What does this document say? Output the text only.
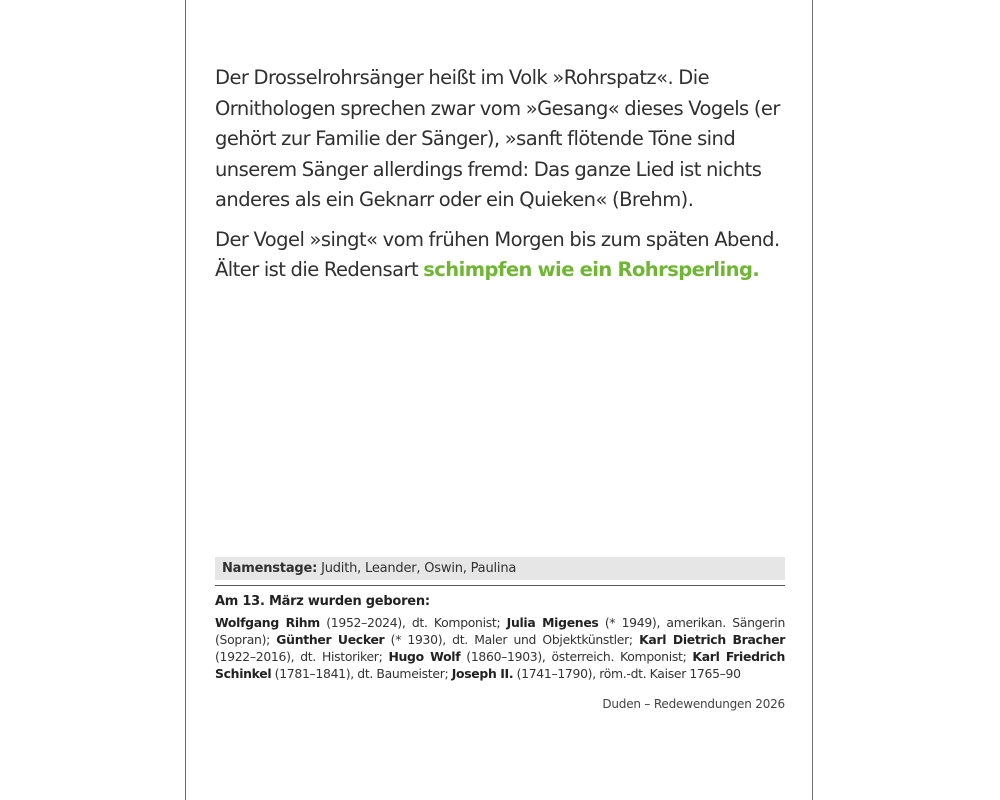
Der Drosselrohrsänger heißt im Volk »Rohrspatz«. Die Ornithologen sprechen zwar vom »Gesang« dieses Vogels (er gehört zur Familie der Sänger), »sanft flötende Töne sind unserem Sänger allerdings fremd: Das ganze Lied ist nichts anderes als ein Geknarr oder ein Quieken« (Brehm).

Der Vogel »singt« vom frühen Morgen bis zum späten Abend. Älter ist die Redensart schimpfen wie ein Rohrsperling.

Namenstage: Judith, Leander, Oswin, Paulina
Am 13. März wurden geboren:
Wolfgang Rihm (1952–2024), dt. Komponist; Julia Migenes (* 1949), amerikan. Sängerin (Sopran); Günther Uecker (* 1930), dt. Maler und Objektkünstler; Karl Dietrich Bracher (1922–2016), dt. Historiker; Hugo Wolf (1860–1903), österreich. Komponist; Karl Friedrich Schinkel (1781–1841), dt. Baumeister; Joseph II. (1741–1790), röm.-dt. Kaiser 1765–90
Duden – Redewendungen 2026
